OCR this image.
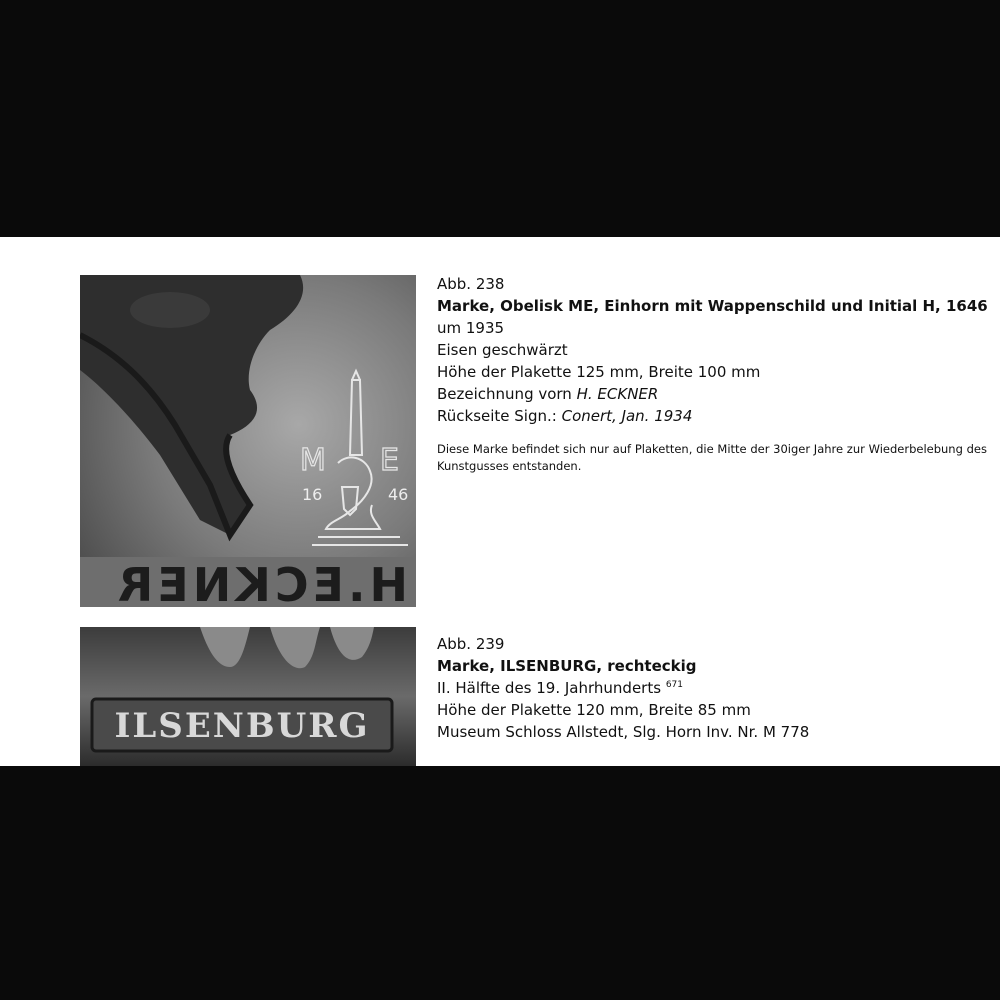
M E
16	46
H.ECKNER
Abb. 238
Marke, Obelisk ME, Einhorn mit Wappenschild und Initial H, 1646
um 1935
Eisen geschwärzt
Höhe der Plakette 125 mm, Breite 100 mm
Bezeichnung vorn H. ECKNER
Rückseite Sign.: Conert, Jan. 1934
Diese Marke befindet sich nur auf Plaketten, die Mitte der 30iger Jahre zur Wiederbelebung des Kunstgusses entstanden.
ILSENBURG
Abb. 239
Marke, ILSENBURG, rechteckig
II. Hälfte des 19. Jahrhunderts $^{671}$
Höhe der Plakette 120 mm, Breite 85 mm
Museum Schloss Allstedt, Slg. Horn Inv. Nr. M 778
